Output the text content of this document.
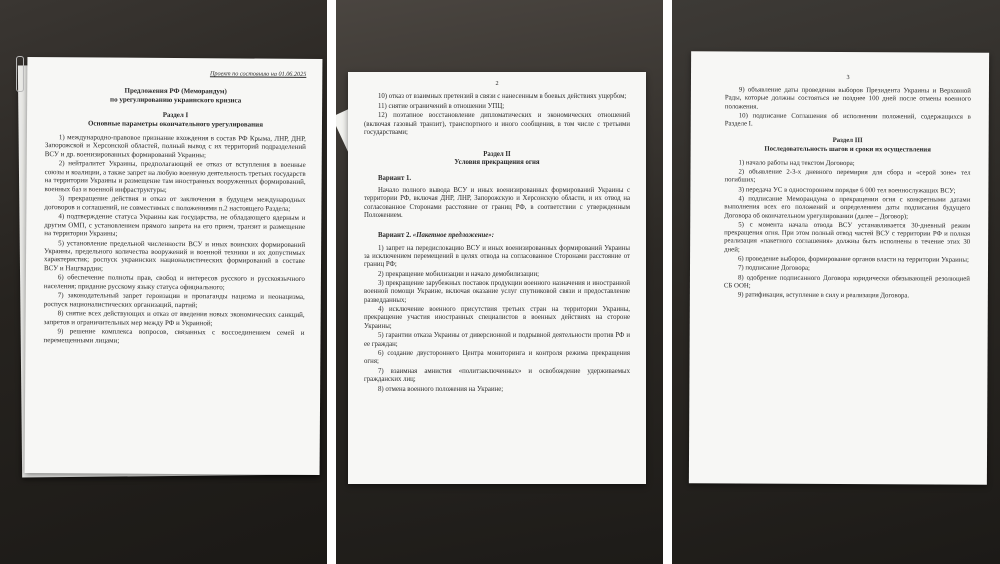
Проект по состоянию на 01.06.2025

Предложения РФ (Меморандум)

по урегулированию украинского кризиса

Раздел I

Основные параметры окончательного урегулирования

1) международно-правовое признание вхождения в состав РФ Крыма, ЛНР, ДНР, Запорожской и Херсонской областей, полный вывод с их территорий подразделений ВСУ и др. военизированных формирований Украины;
2) нейтралитет Украины, предполагающий ее отказ от вступления в военные союзы и коалиции, а также запрет на любую военную деятельность третьих государств на территории Украины и размещение там иностранных вооруженных формирований, военных баз и военной инфраструктуры;
3) прекращение действия и отказ от заключения в будущем международных договоров и соглашений, не совместимых с положениями п.2 настоящего Раздела;
4) подтверждение статуса Украины как государства, не обладающего ядерным и другим ОМП, с установлением прямого запрета на его прием, транзит и размещение на территории Украины;
5) установление предельной численности ВСУ и иных воинских формирований Украины, предельного количества вооружений и военной техники и их допустимых характеристик; роспуск украинских националистических формирований в составе ВСУ и Нацгвардии;
6) обеспечение полноты прав, свобод и интересов русского и русскоязычного населения; придание русскому языку статуса официального;
7) законодательный запрет героизации и пропаганды нацизма и неонацизма, роспуск националистических организаций, партий;
8) снятие всех действующих и отказ от введения новых экономических санкций, запретов и ограничительных мер между РФ и Украиной;
9) решение комплекса вопросов, связанных с воссоединением семей и перемещенными лицами;
2
10) отказ от взаимных претензий в связи с нанесенным в боевых действиях ущербом;
11) снятие ограничений в отношении УПЦ;
12) поэтапное восстановление дипломатических и экономических отношений (включая газовый транзит), транспортного и иного сообщения, в том числе с третьими государствами;

Раздел II

Условия прекращения огня

Вариант 1.

Начало полного вывода ВСУ и иных военизированных формирований Украины с территории РФ, включая ДНР, ЛНР, Запорожскую и Херсонскую области, и их отвод на согласованное Сторонами расстояние от границ РФ, в соответствии с утвержденным Положением.

Вариант 2. «Пакетное предложение»:

1) запрет на передислокацию ВСУ и иных военизированных формирований Украины за исключением перемещений в целях отвода на согласованное Сторонами расстояние от границ РФ;
2) прекращение мобилизации и начало демобилизации;
3) прекращение зарубежных поставок продукции военного назначения и иностранной военной помощи Украине, включая оказание услуг спутниковой связи и предоставление разведданных;
4) исключение военного присутствия третьих стран на территории Украины, прекращение участия иностранных специалистов в военных действиях на стороне Украины;
5) гарантии отказа Украины от диверсионной и подрывной деятельности против РФ и ее граждан;
6) создание двустороннего Центра мониторинга и контроля режима прекращения огня;
7) взаимная амнистия «политзаключенных» и освобождение удерживаемых гражданских лиц;
8) отмена военного положения на Украине;
3
9) объявление даты проведения выборов Президента Украины и Верховной Рады, которые должны состояться не позднее 100 дней после отмены военного положения.
10) подписание Соглашения об исполнении положений, содержащихся в Разделе I.

Раздел III

Последовательность шагов и сроки их осуществления

1) начало работы над текстом Договора;
2) объявление 2-3-х дневного перемирия для сбора и «серой зоне» тел погибших;
3) передача УС в одностороннем порядке 6 000 тел военнослужащих ВСУ;
4) подписание Меморандума о прекращении огня с конкретными датами выполнения всех его положений и определением даты подписания будущего Договора об окончательном урегулировании (далее – Договор);
5) с момента начала отвода ВСУ устанавливается 30-дневный режим прекращения огня. При этом полный отвод частей ВСУ с территории РФ и полная реализация «пакетного соглашения» должны быть исполнены в течение этих 30 дней;
6) проведение выборов, формирование органов власти на территории Украины;
7) подписание Договора;
8) одобрение подписанного Договора юридически обязывающей резолюцией СБ ООН;
9) ратификация, вступление в силу и реализация Договора.
